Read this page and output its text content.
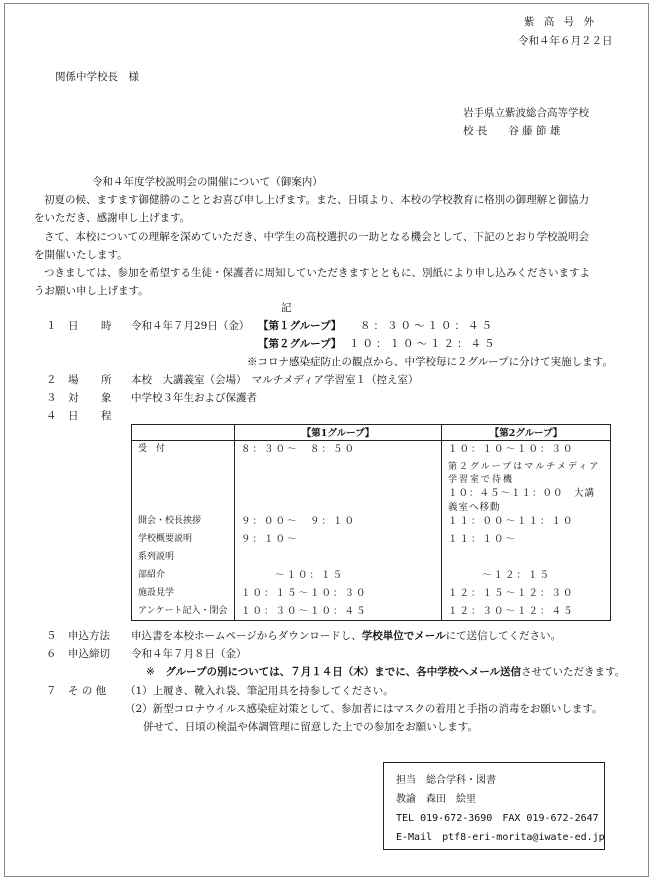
紫 高 号 外
令和４年６月２２日
関係中学校長　様
岩手県立紫波総合高等学校
校 長　　谷 藤 節 雄
令和４年度学校説明会の開催について（御案内）
初夏の候、ますます御健勝のこととお喜び申し上げます。また、日頃より、本校の学校教育に格別の御理解と御協力
をいただき、感謝申し上げます。
さて、本校についての理解を深めていただき、中学生の高校選択の一助となる機会として、下記のとおり学校説明会
を開催いたします。
つきましては、参加を希望する生徒・保護者に周知していただきますとともに、別紙により申し込みくださいますよ
うお願い申し上げます。
記
１ 日　時 令和４年７月29日（金） 【第１グループ】 ８：３０～１０：４５
【第２グループ】 １０：１０～１２：４５
※コロナ感染症防止の観点から、中学校毎に２グループに分けて実施します。
２ 場　所 本校　大講義室（会場）　マルチメディア学習室１（控え室）
３ 対　象 中学校３年生および保護者
４ 日　程
	【第1グループ】	【第2グループ】
受　付	８：３０～　８：５０	１０：１０～１０：３０
		第２グループはマルチメディア学習室で待機
		１０：４５～１１：００　大講義室へ移動
開会・校長挨拶	９：００～　９：１０	１１：００～１１：１０
学校概要説明	９：１０～	１１：１０～
系列説明		
部紹介	～１０：１５	～１２：１５
施設見学	１０：１５～１０：３０	１２：１５～１２：３０
アンケート記入・閉会	１０：３０～１０：４５	１２：３０～１２：４５
５ 申込方法 申込書を本校ホームページからダウンロードし、学校単位でメールにて送信してください。
６ 申込締切 令和４年７月８日（金）
※　 グループの別については、７月１４日（木）までに、各中学校へメール送信させていただきます。
７ そ の 他 （1）上履き、靴入れ袋、筆記用具を持参してください。
（2）新型コロナウイルス感染症対策として、参加者にはマスクの着用と手指の消毒をお願いします。
併せて、日頃の検温や体調管理に留意した上での参加をお願いします。
担当　総合学科・図書
教諭　森田　絵里
TEL 019-672-3690　FAX 019-672-2647
E-Mail　ptf8-eri-morita@iwate-ed.jp
